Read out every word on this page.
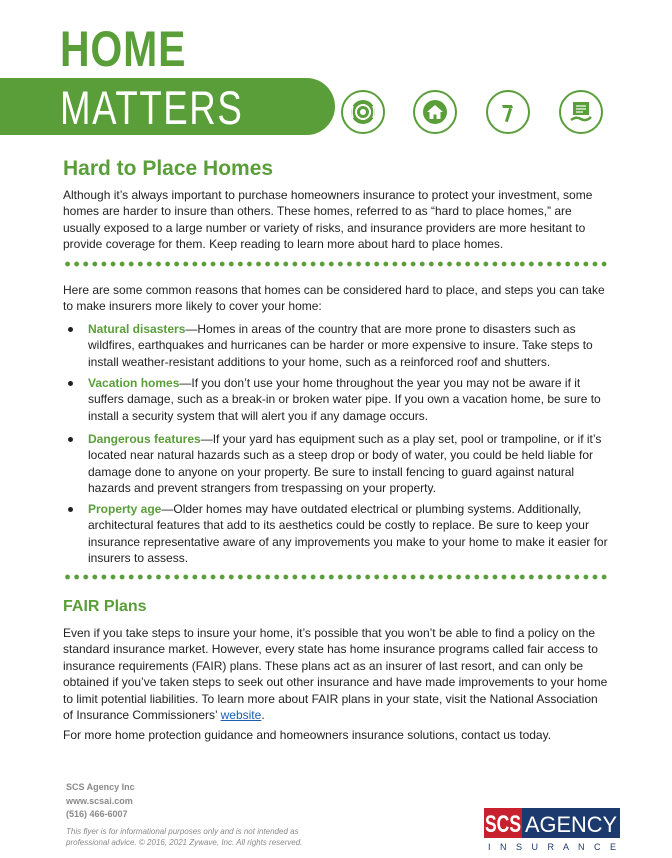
HOME
MATTERS
Hard to Place Homes

Although it’s always important to purchase homeowners insurance to protect your investment, some homes are harder to insure than others. These homes, referred to as “hard to place homes,” are usually exposed to a large number or variety of risks, and insurance providers are more hesitant to provide coverage for them. Keep reading to learn more about hard to place homes.

Here are some common reasons that homes can be considered hard to place, and steps you can take to make insurers more likely to cover your home:

Natural disasters—Homes in areas of the country that are more prone to disasters such as wildfires, earthquakes and hurricanes can be harder or more expensive to insure. Take steps to install weather-resistant additions to your home, such as a reinforced roof and shutters.
Vacation homes—If you don’t use your home throughout the year you may not be aware if it suffers damage, such as a break-in or broken water pipe. If you own a vacation home, be sure to install a security system that will alert you if any damage occurs.
Dangerous features—If your yard has equipment such as a play set, pool or trampoline, or if it’s located near natural hazards such as a steep drop or body of water, you could be held liable for damage done to anyone on your property. Be sure to install fencing to guard against natural hazards and prevent strangers from trespassing on your property.
Property age—Older homes may have outdated electrical or plumbing systems. Additionally, architectural features that add to its aesthetics could be costly to replace. Be sure to keep your insurance representative aware of any improvements you make to your home to make it easier for insurers to assess.
FAIR Plans

Even if you take steps to insure your home, it’s possible that you won’t be able to find a policy on the standard insurance market. However, every state has home insurance programs called fair access to insurance requirements (FAIR) plans. These plans act as an insurer of last resort, and can only be obtained if you’ve taken steps to seek out other insurance and have made improvements to your home to limit potential liabilities. To learn more about FAIR plans in your state, visit the National Association of Insurance Commissioners’ website.

For more home protection guidance and homeowners insurance solutions, contact us today.

SCS Agency Inc
www.scsai.com
(516) 466-6007
This flyer is for informational purposes only and is not intended as
professional advice. © 2016, 2021 Zywave, Inc. All rights reserved.
SCS AGENCY
I N S U R A N C E
